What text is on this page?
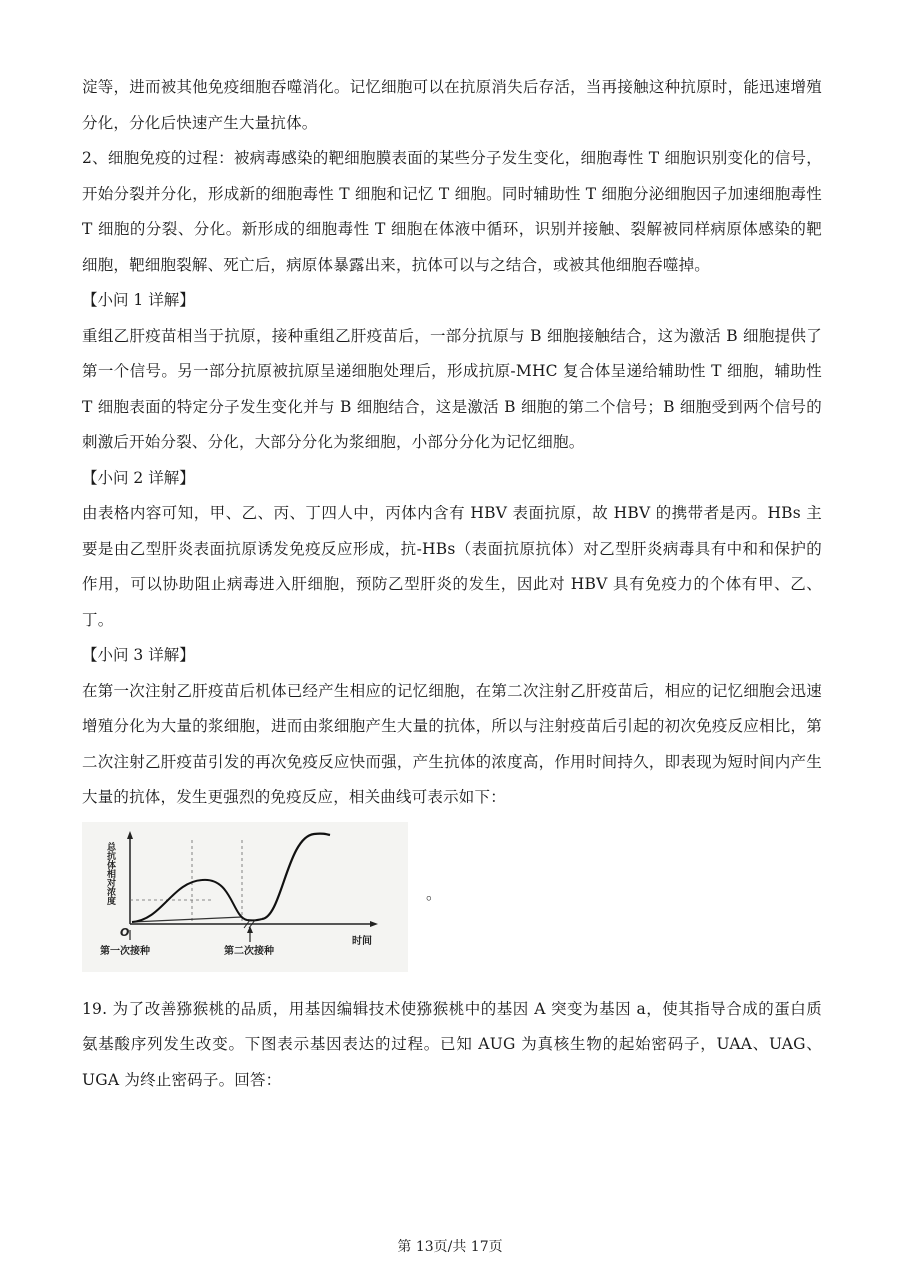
淀等，进而被其他免疫细胞吞噬消化。记忆细胞可以在抗原消失后存活，当再接触这种抗原时，能迅速增殖分化，分化后快速产生大量抗体。

2、细胞免疫的过程：被病毒感染的靶细胞膜表面的某些分子发生变化，细胞毒性 T 细胞识别变化的信号，开始分裂并分化，形成新的细胞毒性 T 细胞和记忆 T 细胞。同时辅助性 T 细胞分泌细胞因子加速细胞毒性 T 细胞的分裂、分化。新形成的细胞毒性 T 细胞在体液中循环，识别并接触、裂解被同样病原体感染的靶细胞，靶细胞裂解、死亡后，病原体暴露出来，抗体可以与之结合，或被其他细胞吞噬掉。

【小问 1 详解】

重组乙肝疫苗相当于抗原，接种重组乙肝疫苗后，一部分抗原与 B 细胞接触结合，这为激活 B 细胞提供了第一个信号。另一部分抗原被抗原呈递细胞处理后，形成抗原-MHC 复合体呈递给辅助性 T 细胞，辅助性 T 细胞表面的特定分子发生变化并与 B 细胞结合，这是激活 B 细胞的第二个信号；B 细胞受到两个信号的刺激后开始分裂、分化，大部分分化为浆细胞，小部分分化为记忆细胞。

【小问 2 详解】

由表格内容可知，甲、乙、丙、丁四人中，丙体内含有 HBV 表面抗原，故 HBV 的携带者是丙。HBs 主要是由乙型肝炎表面抗原诱发免疫反应形成，抗-HBs（表面抗原抗体）对乙型肝炎病毒具有中和和保护的作用，可以协助阻止病毒进入肝细胞，预防乙型肝炎的发生，因此对 HBV 具有免疫力的个体有甲、乙、丁。

【小问 3 详解】

在第一次注射乙肝疫苗后机体已经产生相应的记忆细胞，在第二次注射乙肝疫苗后，相应的记忆细胞会迅速增殖分化为大量的浆细胞，进而由浆细胞产生大量的抗体，所以与注射疫苗后引起的初次免疫反应相比，第二次注射乙肝疫苗引发的再次免疫反应快而强，产生抗体的浓度高，作用时间持久，即表现为短时间内产生大量的抗体，发生更强烈的免疫反应，相关曲线可表示如下：

总抗体相对浓度
O
第一次接种	第二次接种
时间
。

19. 为了改善猕猴桃的品质，用基因编辑技术使猕猴桃中的基因 A 突变为基因 a，使其指导合成的蛋白质氨基酸序列发生改变。下图表示基因表达的过程。已知 AUG 为真核生物的起始密码子，UAA、UAG、UGA 为终止密码子。回答：

第 13页/共 17页
